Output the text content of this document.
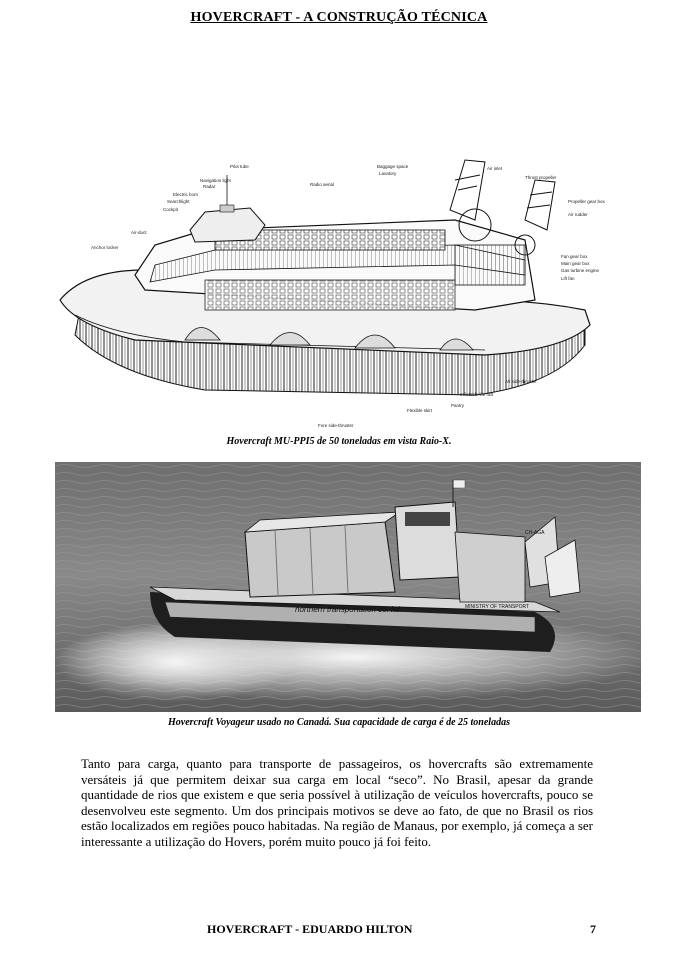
HOVERCRAFT - A CONSTRUÇÃO TÉCNICA
Pilot tube
Navigation light
Radar
Electric horn
Searchlight
Cockpit
Air-duct
Anchor locker
Radio aerial
Baggage space
Lavatory
Air inlet
Thrust propeller
Propeller gear box
Air rudder
Fan gear box
Main gear box
Gas turbine engine
Lift fan
Aft side-thruster
Inflatable life raft
Flexible skirt
Pantry
Fore side-thruster
Hovercraft MU-PPI5 de 50 toneladas em vista Raio-X.
northern transportation co. ltd.	MINISTRY OF TRANSPORT
CH-AGA
Hovercraft Voyageur usado no Canadá. Sua capacidade de carga é de 25 toneladas

Tanto para carga, quanto para transporte de passageiros, os hovercrafts são extremamente versáteis já que permitem deixar sua carga em local “seco”. No Brasil, apesar da grande quantidade de rios que existem e que seria possível à utilização de veículos hovercrafts, pouco se desenvolveu este segmento. Um dos principais motivos se deve ao fato, de que no Brasil os rios estão localizados em regiões pouco habitadas. Na região de Manaus, por exemplo, já começa a ser interessante a utilização do Hovers, porém muito pouco já foi feito.

HOVERCRAFT - EDUARDO HILTON	7
